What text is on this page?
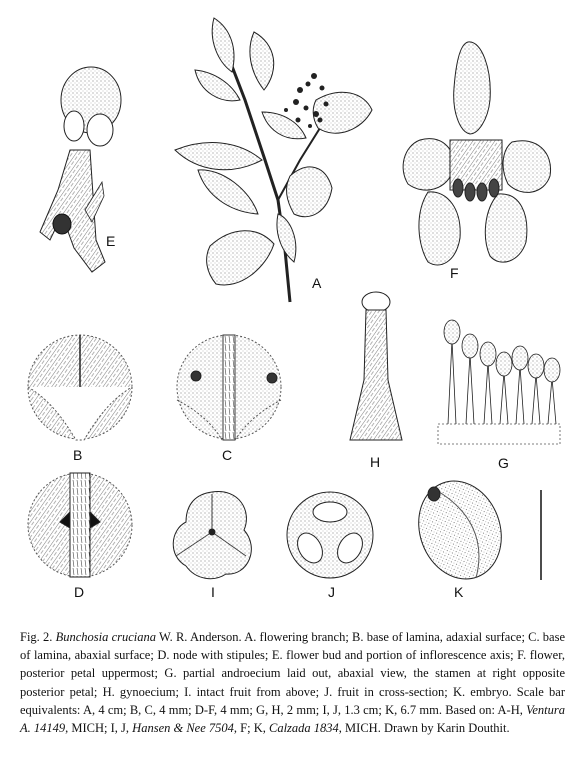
E
A
F
B	C	H	G
D	I	J	K
Fig. 2. Bunchosia cruciana W. R. Anderson. A. flowering branch; B. base of lamina, adaxial surface; C. base of lamina, abaxial surface; D. node with stipules; E. flower bud and portion of inflorescence axis; F. flower, posterior petal uppermost; G. partial androecium laid out, abaxial view, the stamen at right opposite posterior petal; H. gynoecium; I. intact fruit from above; J. fruit in cross-section; K. embryo. Scale bar equivalents: A, 4 cm; B, C, 4 mm; D-F, 4 mm; G, H, 2 mm; I, J, 1.3 cm; K, 6.7 mm. Based on: A-H, Ventura A. 14149, MICH; I, J, Hansen & Nee 7504, F; K, Calzada 1834, MICH. Drawn by Karin Douthit.
